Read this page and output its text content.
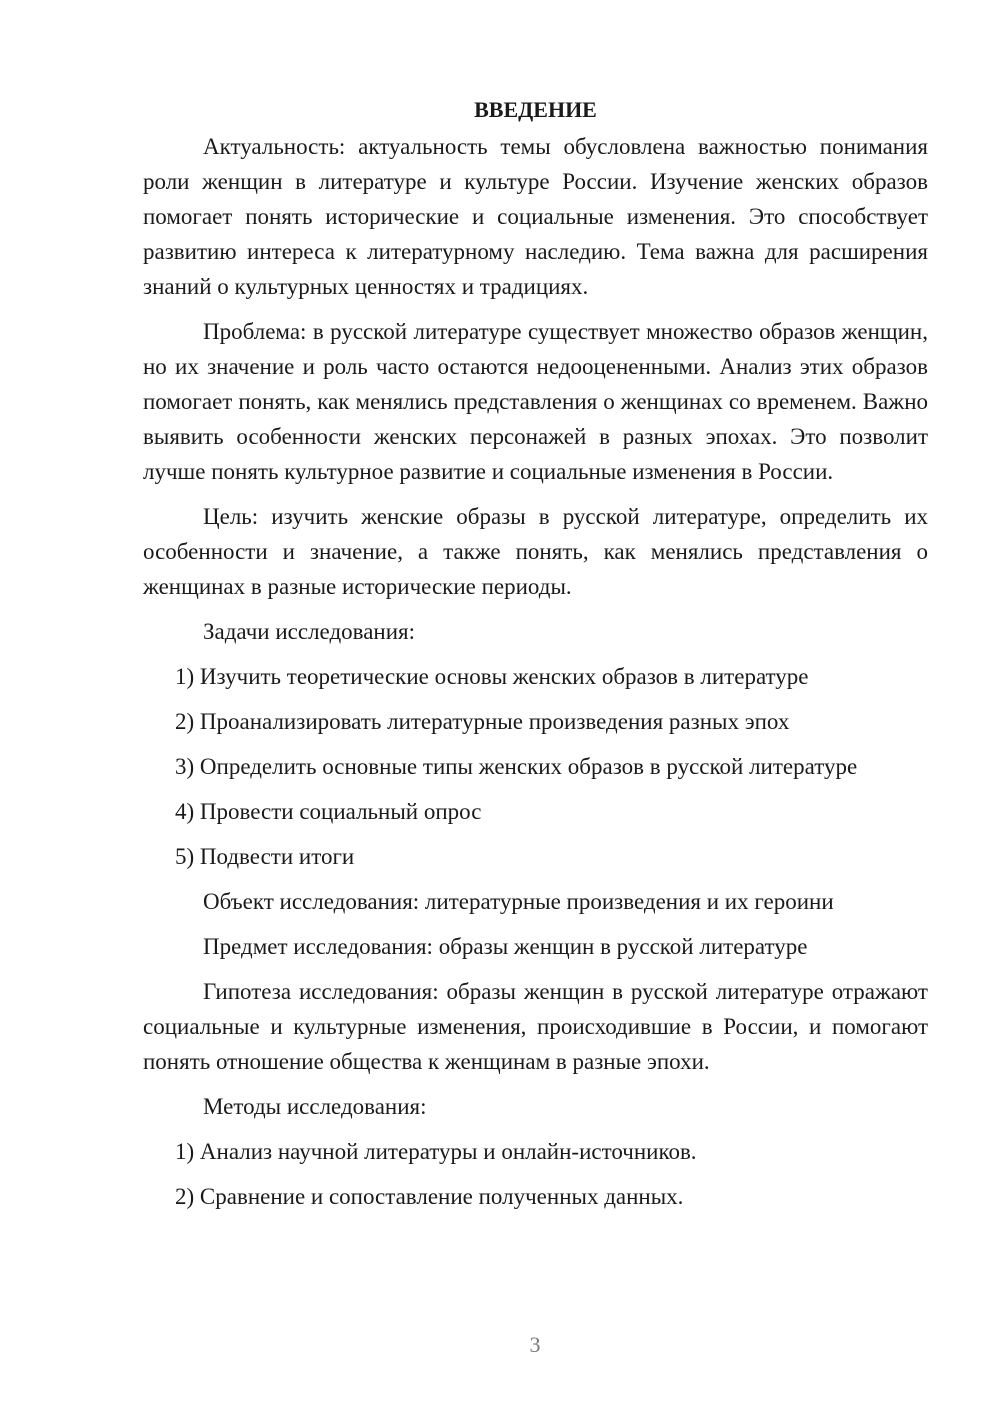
ВВЕДЕНИЕ

Актуальность: актуальность темы обусловлена важностью понимания роли женщин в литературе и культуре России. Изучение женских образов помогает понять исторические и социальные изменения. Это способствует развитию интереса к литературному наследию. Тема важна для расширения знаний о культурных ценностях и традициях.

Проблема: в русской литературе существует множество образов женщин, но их значение и роль часто остаются недооцененными. Анализ этих образов помогает понять, как менялись представления о женщинах со временем. Важно выявить особенности женских персонажей в разных эпохах. Это позволит лучше понять культурное развитие и социальные изменения в России.

Цель: изучить женские образы в русской литературе, определить их особенности и значение, а также понять, как менялись представления о женщинах в разные исторические периоды.

Задачи исследования:

1) Изучить теоретические основы женских образов в литературе

2) Проанализировать литературные произведения разных эпох

3) Определить основные типы женских образов в русской литературе

4) Провести социальный опрос

5) Подвести итоги

Объект исследования: литературные произведения и их героини

Предмет исследования: образы женщин в русской литературе

Гипотеза исследования: образы женщин в русской литературе отражают социальные и культурные изменения, происходившие в России, и помогают понять отношение общества к женщинам в разные эпохи.

Методы исследования:

1) Анализ научной литературы и онлайн-источников.

2) Сравнение и сопоставление полученных данных.

3
